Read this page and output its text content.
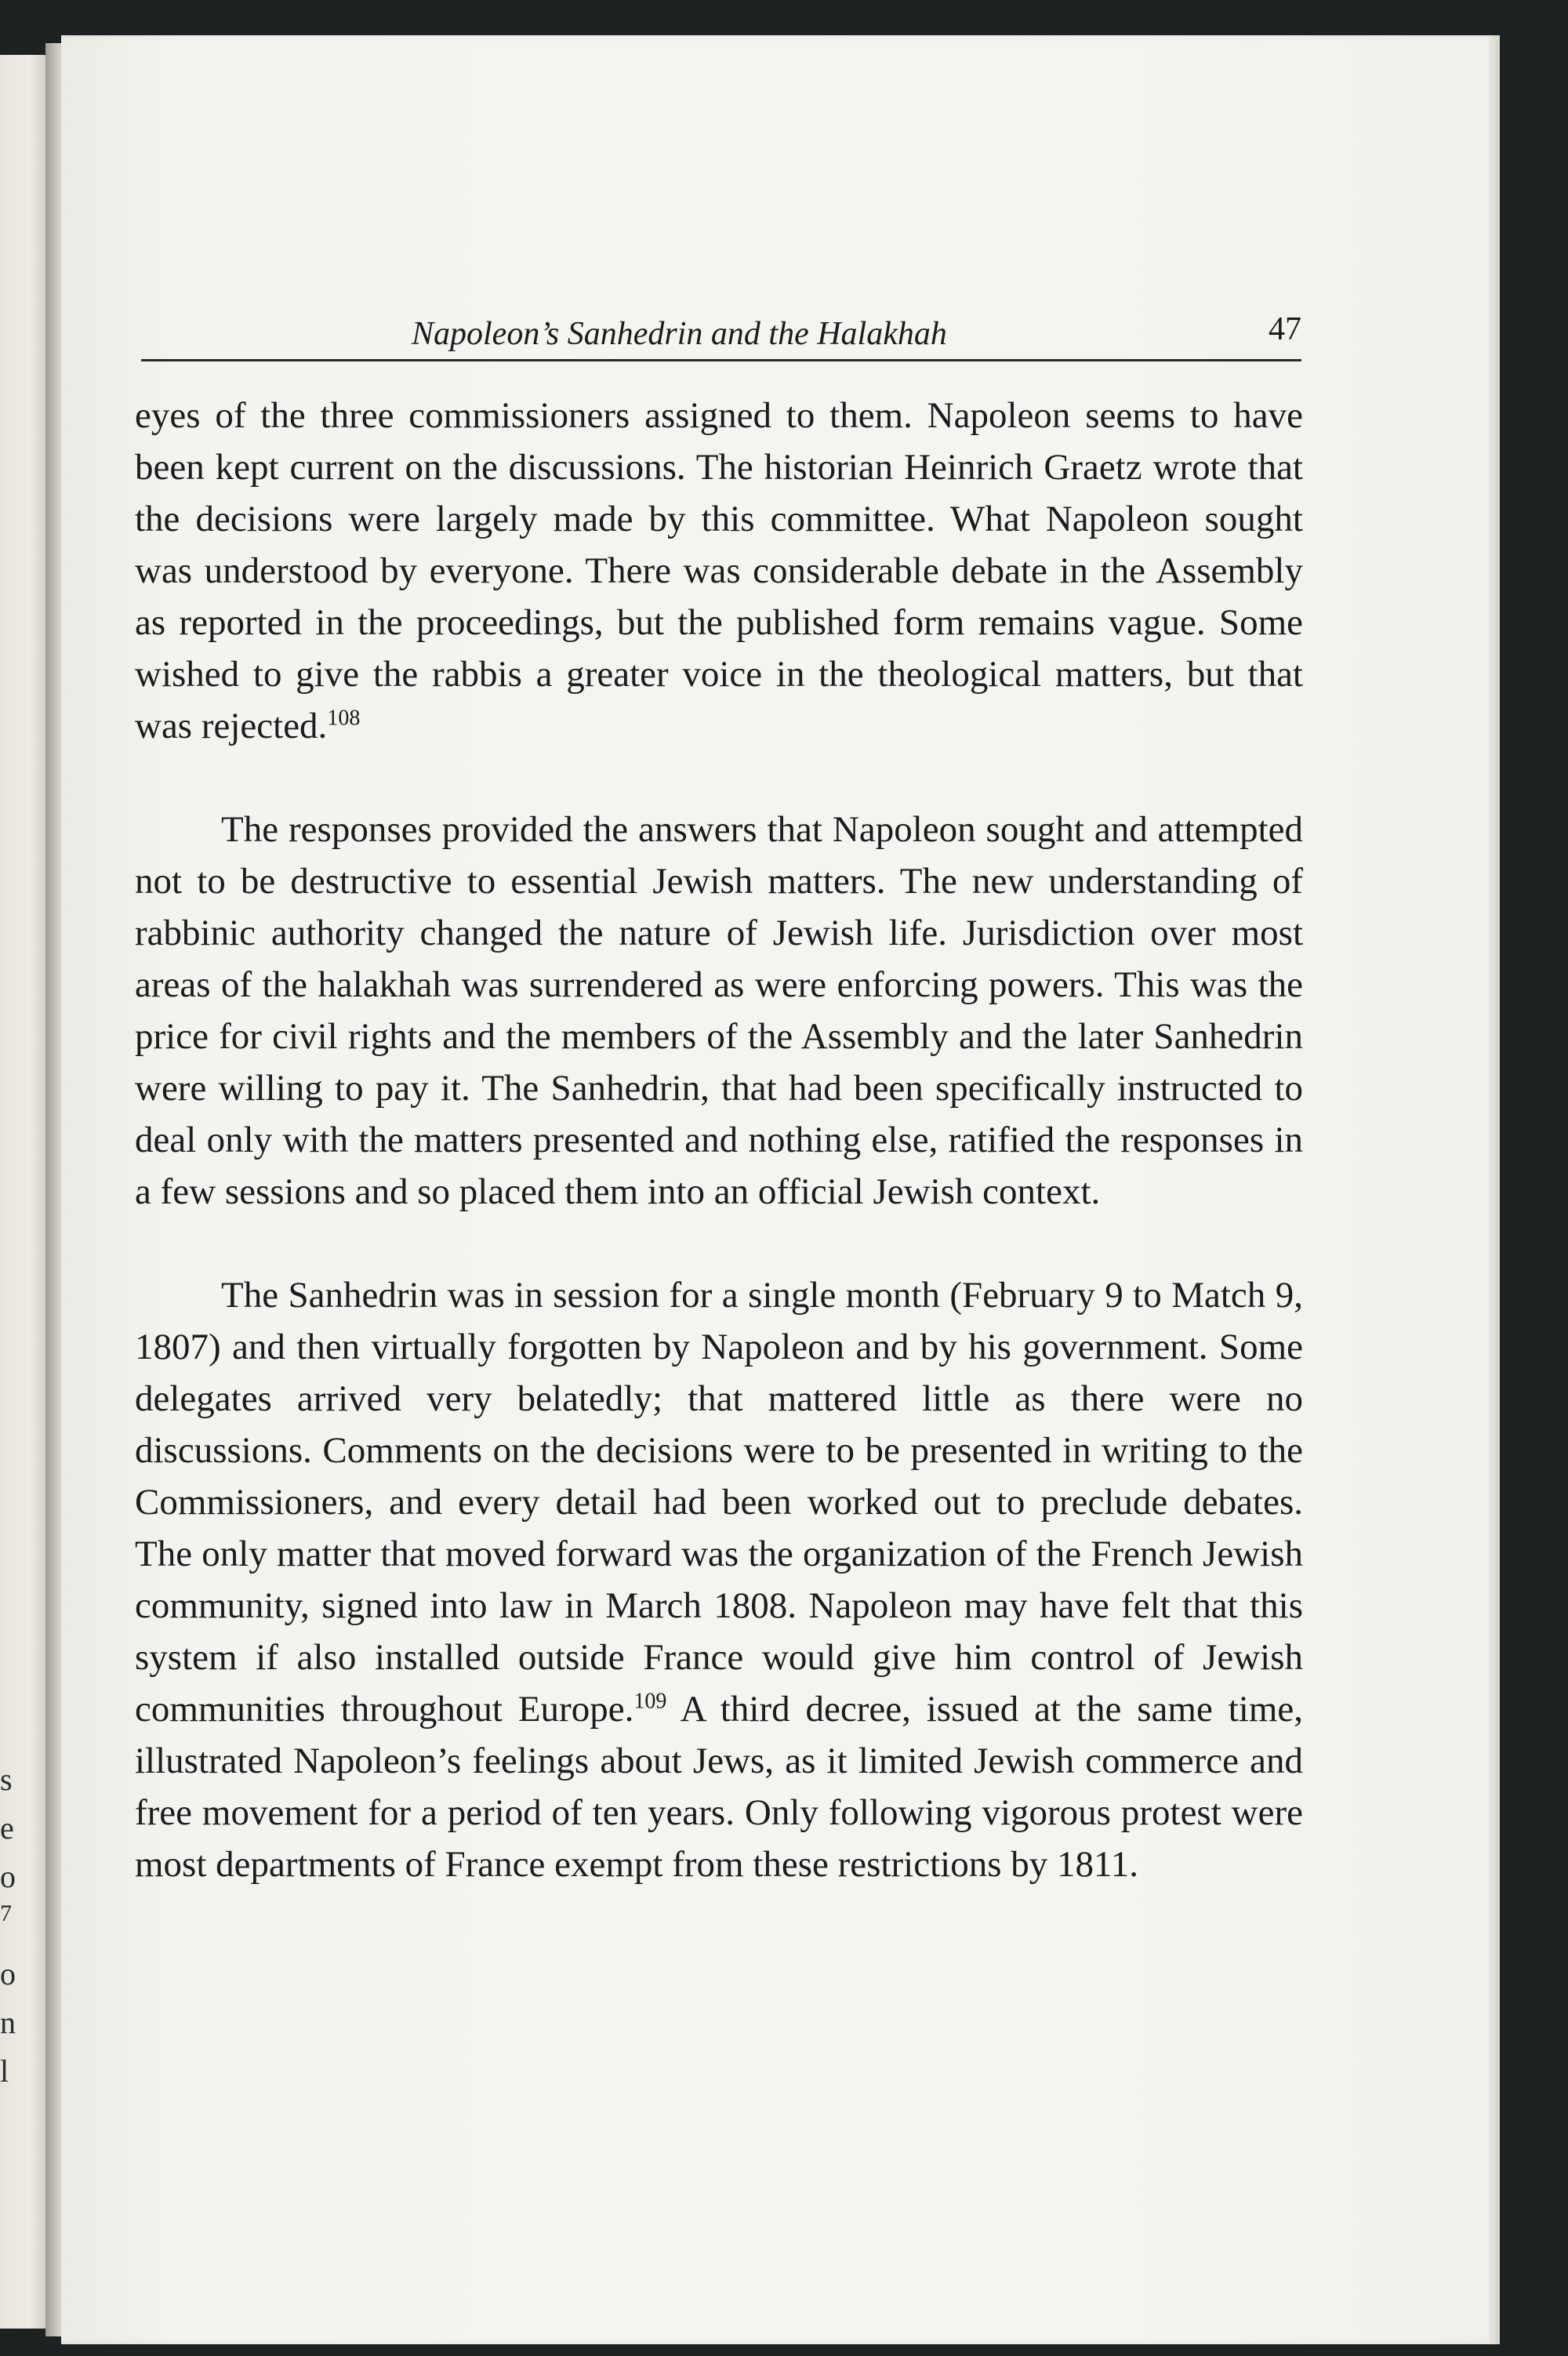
s
e
o
7
o
n
l
Napoleon’s Sanhedrin and the Halakhah	47

eyes of the three commissioners assigned to them. Napoleon seems to have been kept current on the discussions. The historian Heinrich Graetz wrote that the decisions were largely made by this committee. What Napoleon sought was understood by everyone. There was considerable debate in the Assembly as reported in the proceedings, but the published form remains vague. Some wished to give the rabbis a greater voice in the theological matters, but that was rejected.$^{108}$

The responses provided the answers that Napoleon sought and attempted not to be destructive to essential Jewish matters. The new understanding of rabbinic authority changed the nature of Jewish life. Jurisdiction over most areas of the halakhah was surrendered as were enforcing powers. This was the price for civil rights and the members of the Assembly and the later Sanhedrin were willing to pay it. The Sanhedrin, that had been specifically instructed to deal only with the matters presented and nothing else, ratified the responses in a few sessions and so placed them into an official Jewish context.

The Sanhedrin was in session for a single month (February 9 to Match 9, 1807) and then virtually forgotten by Napoleon and by his government. Some delegates arrived very belatedly; that mattered little as there were no discussions. Comments on the decisions were to be presented in writing to the Commissioners, and every detail had been worked out to preclude debates. The only matter that moved forward was the organization of the French Jewish community, signed into law in March 1808. Napoleon may have felt that this system if also installed outside France would give him control of Jewish communities throughout Europe.$^{109}$ A third decree, issued at the same time, illustrated Napoleon’s feelings about Jews, as it limited Jewish commerce and free movement for a period of ten years. Only following vigorous protest were most departments of France exempt from these restrictions by 1811.
